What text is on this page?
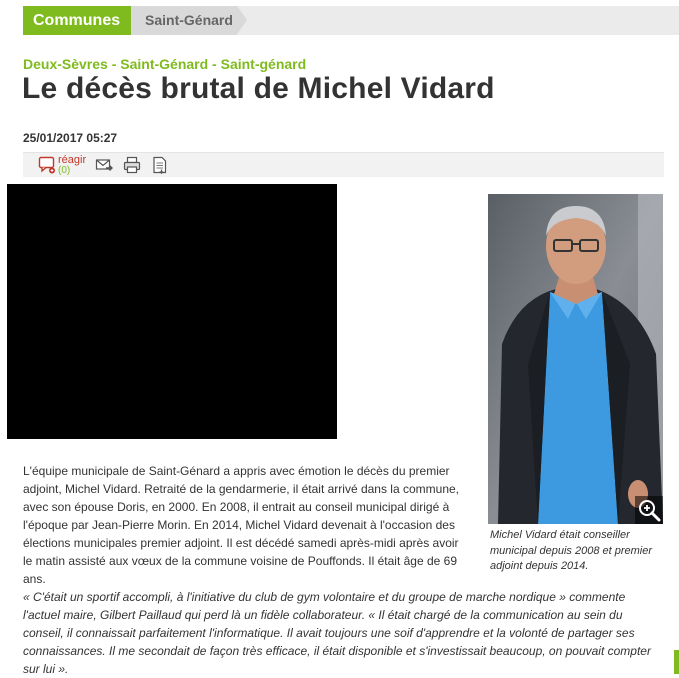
Communes	Saint-Génard
Deux-Sèvres - Saint-Génard - Saint-génard
Le décès brutal de Michel Vidard
25/01/2017 05:27
réagir
(0)
Michel Vidard était conseiller municipal depuis 2008 et premier adjoint depuis 2014.

L'équipe municipale de Saint-Génard a appris avec émotion le décès du premier adjoint, Michel Vidard. Retraité de la gendarmerie, il était arrivé dans la commune, avec son épouse Doris, en 2000. En 2008, il entrait au conseil municipal dirigé à l'époque par Jean-Pierre Morin. En 2014, Michel Vidard devenait à l'occasion des élections municipales premier adjoint. Il est décédé samedi après-midi après avoir le matin assisté aux vœux de la commune voisine de Pouffonds. Il était âge de 69 ans.

« C'était un sportif accompli, à l'initiative du club de gym volontaire et du groupe de marche nordique » commente l'actuel maire, Gilbert Paillaud qui perd là un fidèle collaborateur. « Il était chargé de la communication au sein du conseil, il connaissait parfaitement l'informatique. Il avait toujours une soif d'apprendre et la volonté de partager ses connaissances. Il me secondait de façon très efficace, il était disponible et s'investissait beaucoup, on pouvait compter sur lui ».
